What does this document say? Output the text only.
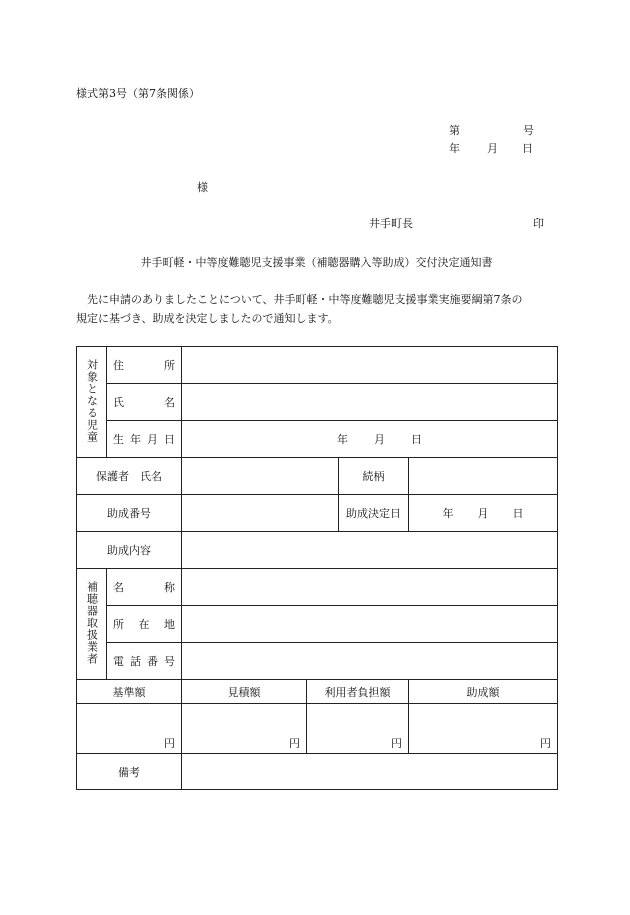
様式第3号（第7条関係）
第	号
年 月 日
様
井手町長	印
井手町軽・中等度難聴児支援事業（補聴器購入等助成）交付決定通知書

　先に申請のありましたことについて、井手町軽・中等度難聴児支援事業実施要綱第7条の

規定に基づき、助成を決定しましたので通知します。

対象となる児童	住 所				

	氏 名				

	生 年 月 日	年 月 日			

保護者　氏名				続柄	
助成番号				助成決定日	年 月 日

助成内容					
補聴器取扱業者	名 称				

	所 在 地				

	電 話 番 号				

基準額		見積額	利用者負担額		助成額
円		円	円		円
備考					
